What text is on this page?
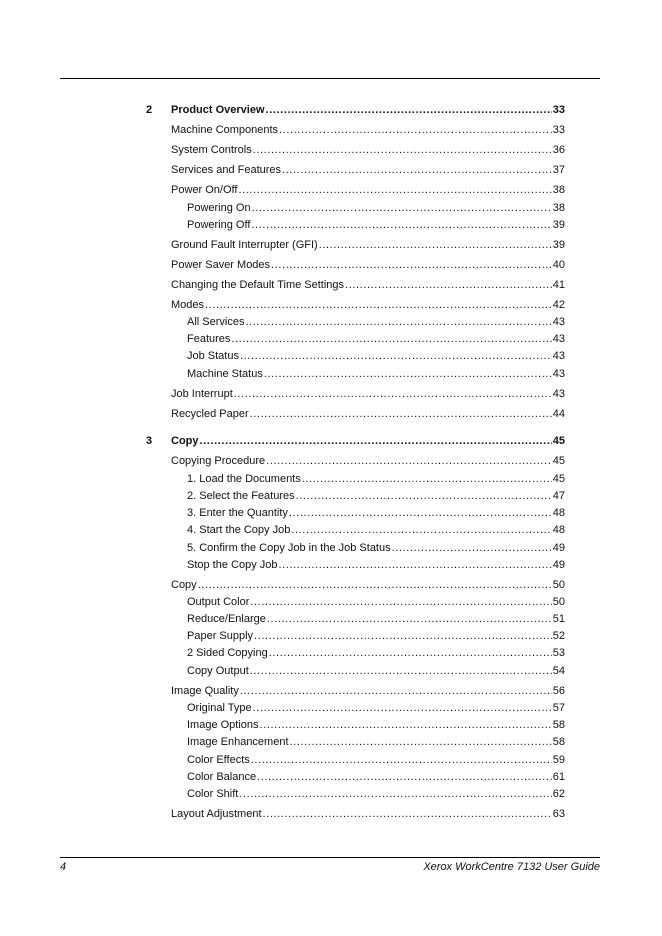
2 Product Overview .....	33
Machine Components .....	33
System Controls .....	36
Services and Features .....	37
Power On/Off .....	38
Powering On .....	38
Powering Off .....	39
Ground Fault Interrupter (GFI) .....	39
Power Saver Modes .....	40
Changing the Default Time Settings .....	41
Modes .....	42
All Services .....	43
Features .....	43
Job Status .....	43
Machine Status .....	43
Job Interrupt .....	43
Recycled Paper .....	44
3 Copy .....	45
Copying Procedure .....	45
1. Load the Documents .....	45
2. Select the Features .....	47
3. Enter the Quantity .....	48
4. Start the Copy Job .....	48
5. Confirm the Copy Job in the Job Status .....	49
Stop the Copy Job .....	49
Copy .....	50
Output Color .....	50
Reduce/Enlarge .....	51
Paper Supply .....	52
2 Sided Copying .....	53
Copy Output .....	54
Image Quality .....	56
Original Type .....	57
Image Options .....	58
Image Enhancement .....	58
Color Effects .....	59
Color Balance .....	61
Color Shift .....	62
Layout Adjustment .....	63
4	Xerox WorkCentre 7132 User Guide
